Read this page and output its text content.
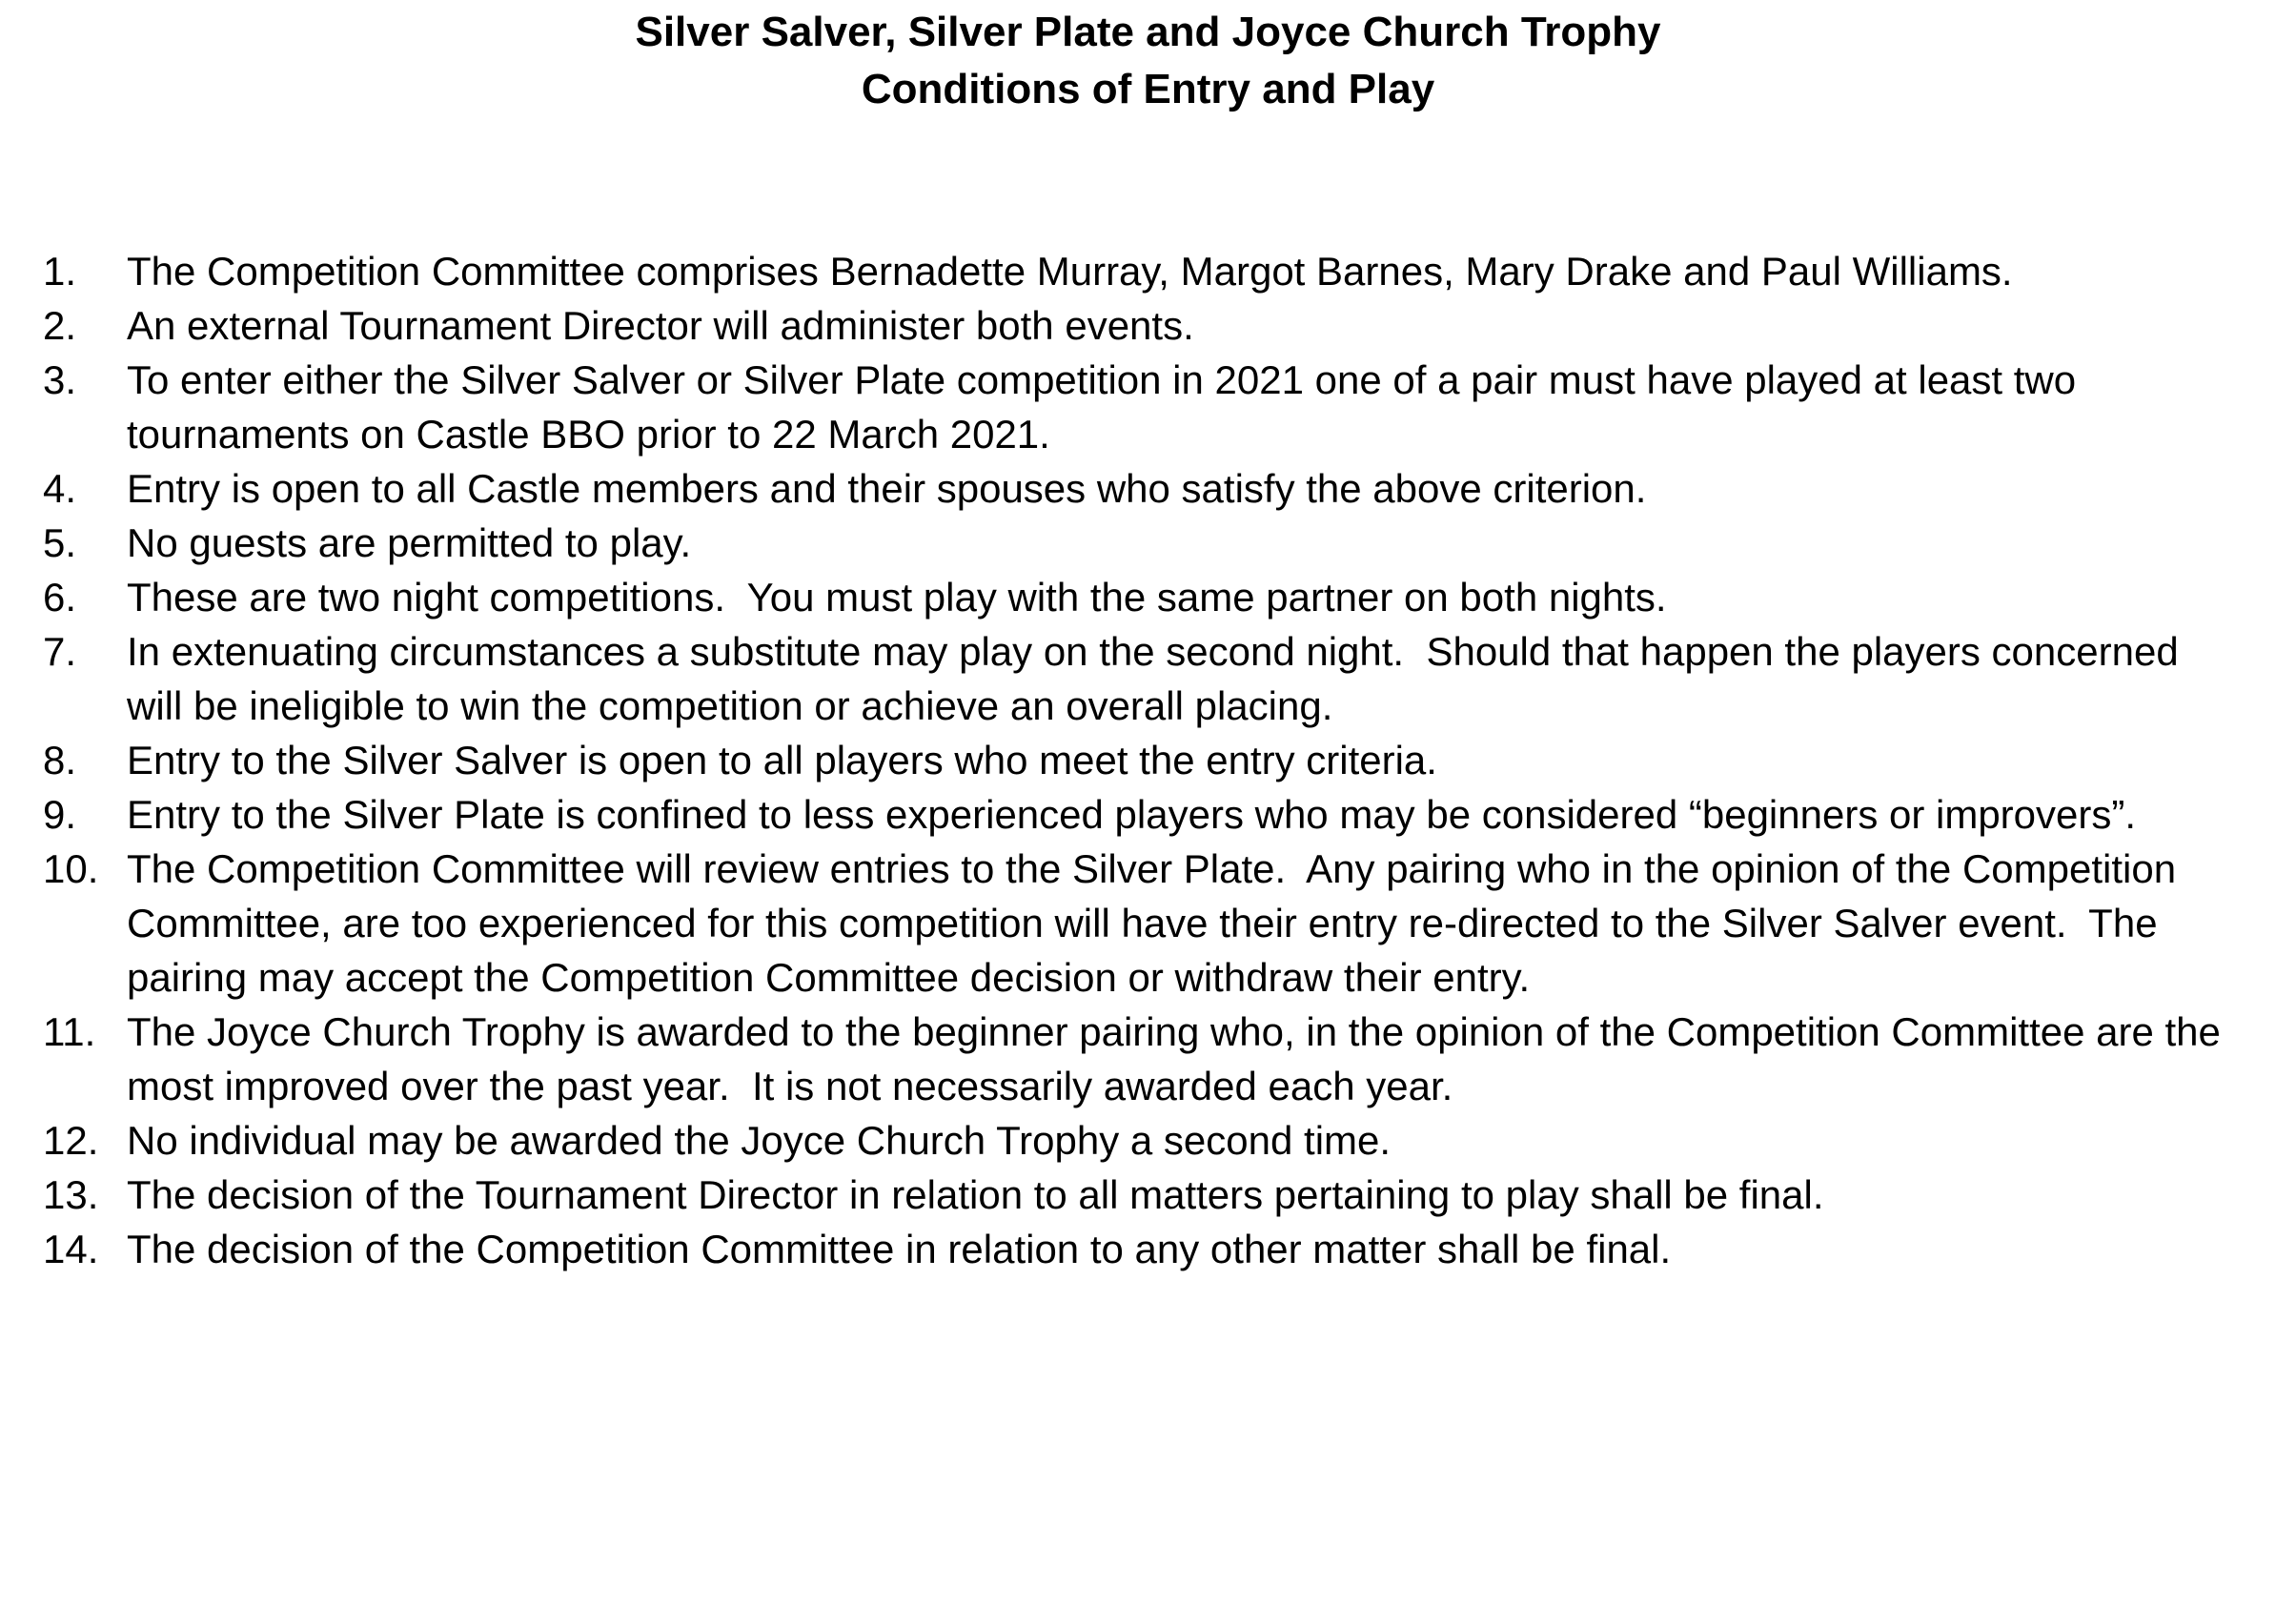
Silver Salver, Silver Plate and Joyce Church Trophy
Conditions of Entry and Play
1. The Competition Committee comprises Bernadette Murray, Margot Barnes, Mary Drake and Paul Williams.
2. An external Tournament Director will administer both events.
3. To enter either the Silver Salver or Silver Plate competition in 2021 one of a pair must have played at least two tournaments on Castle BBO prior to 22 March 2021.
4. Entry is open to all Castle members and their spouses who satisfy the above criterion.
5. No guests are permitted to play.
6. These are two night competitions.  You must play with the same partner on both nights.
7. In extenuating circumstances a substitute may play on the second night.  Should that happen the players concerned will be ineligible to win the competition or achieve an overall placing.
8. Entry to the Silver Salver is open to all players who meet the entry criteria.
9. Entry to the Silver Plate is confined to less experienced players who may be considered “beginners or improvers”.
10. The Competition Committee will review entries to the Silver Plate.  Any pairing who in the opinion of the Competition Committee, are too experienced for this competition will have their entry re-directed to the Silver Salver event.  The pairing may accept the Competition Committee decision or withdraw their entry.
11. The Joyce Church Trophy is awarded to the beginner pairing who, in the opinion of the Competition Committee are the most improved over the past year.  It is not necessarily awarded each year.
12. No individual may be awarded the Joyce Church Trophy a second time.
13. The decision of the Tournament Director in relation to all matters pertaining to play shall be final.
14. The decision of the Competition Committee in relation to any other matter shall be final.
